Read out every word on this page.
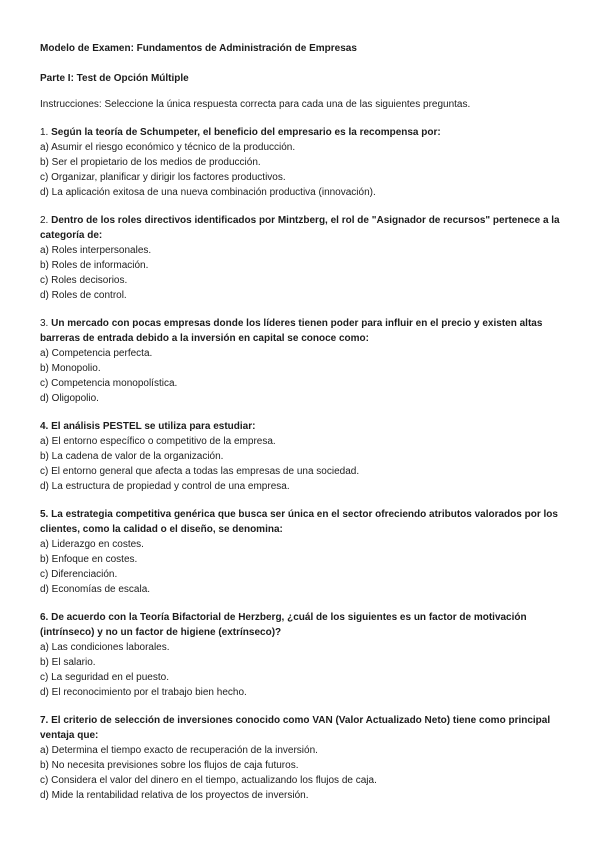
Modelo de Examen: Fundamentos de Administración de Empresas

Parte I: Test de Opción Múltiple

Instrucciones: Seleccione la única respuesta correcta para cada una de las siguientes preguntas.

1. Según la teoría de Schumpeter, el beneficio del empresario es la recompensa por:

a) Asumir el riesgo económico y técnico de la producción.

b) Ser el propietario de los medios de producción.

c) Organizar, planificar y dirigir los factores productivos.

d) La aplicación exitosa de una nueva combinación productiva (innovación).

2. Dentro de los roles directivos identificados por Mintzberg, el rol de "Asignador de recursos" pertenece a la categoría de:

a) Roles interpersonales.

b) Roles de información.

c) Roles decisorios.

d) Roles de control.

3. Un mercado con pocas empresas donde los líderes tienen poder para influir en el precio y existen altas barreras de entrada debido a la inversión en capital se conoce como:

a) Competencia perfecta.

b) Monopolio.

c) Competencia monopolística.

d) Oligopolio.

4. El análisis PESTEL se utiliza para estudiar:

a) El entorno específico o competitivo de la empresa.

b) La cadena de valor de la organización.

c) El entorno general que afecta a todas las empresas de una sociedad.

d) La estructura de propiedad y control de una empresa.

5. La estrategia competitiva genérica que busca ser única en el sector ofreciendo atributos valorados por los clientes, como la calidad o el diseño, se denomina:

a) Liderazgo en costes.

b) Enfoque en costes.

c) Diferenciación.

d) Economías de escala.

6. De acuerdo con la Teoría Bifactorial de Herzberg, ¿cuál de los siguientes es un factor de motivación (intrínseco) y no un factor de higiene (extrínseco)?

a) Las condiciones laborales.

b) El salario.

c) La seguridad en el puesto.

d) El reconocimiento por el trabajo bien hecho.

7. El criterio de selección de inversiones conocido como VAN (Valor Actualizado Neto) tiene como principal ventaja que:

a) Determina el tiempo exacto de recuperación de la inversión.

b) No necesita previsiones sobre los flujos de caja futuros.

c) Considera el valor del dinero en el tiempo, actualizando los flujos de caja.

d) Mide la rentabilidad relativa de los proyectos de inversión.
